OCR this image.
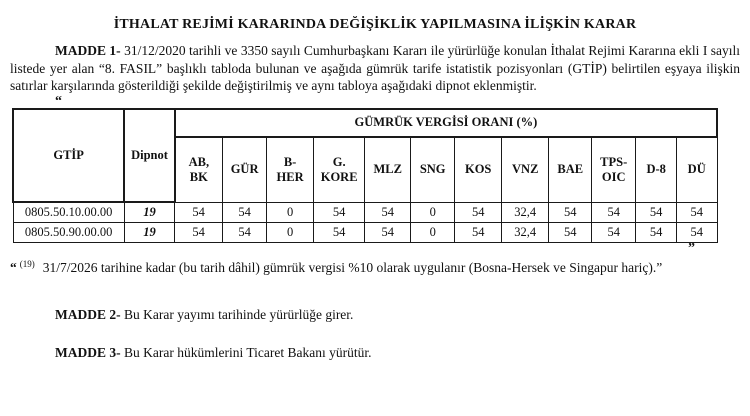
İTHALAT REJİMİ KARARINDA DEĞİŞİKLİK YAPILMASINA İLİŞKİN KARAR

MADDE 1- 31/12/2020 tarihli ve 3350 sayılı Cumhurbaşkanı Kararı ile yürürlüğe konulan İthalat Rejimi Kararına ekli I sayılı listede yer alan “8. FASIL” başlıklı tabloda bulunan ve aşağıda gümrük tarife istatistik pozisyonları (GTİP) belirtilen eşyaya ilişkin satırlar karşılarında gösterildiği şekilde değiştirilmiş ve aynı tabloya aşağıdaki dipnot eklenmiştir.

“

GTİP	Dipnot	GÜMRÜK VERGİSİ ORANI (%)											
		AB, BK	GÜR	B- HER	G. KORE	MLZ	SNG	KOS	VNZ	BAE	TPS- OIC	D-8	DÜ
0805.50.10.00.00	19	54	54	0	54	54	0	54	32,4	54	54	54	54
0805.50.90.00.00	19	54	54	0	54	54	0	54	32,4	54	54	54	54

”

“ $^{(19)}$ 31/7/2026 tarihine kadar (bu tarih dâhil) gümrük vergisi %10 olarak uygulanır (Bosna-Hersek ve Singapur hariç).”

MADDE 2- Bu Karar yayımı tarihinde yürürlüğe girer.

MADDE 3- Bu Karar hükümlerini Ticaret Bakanı yürütür.
